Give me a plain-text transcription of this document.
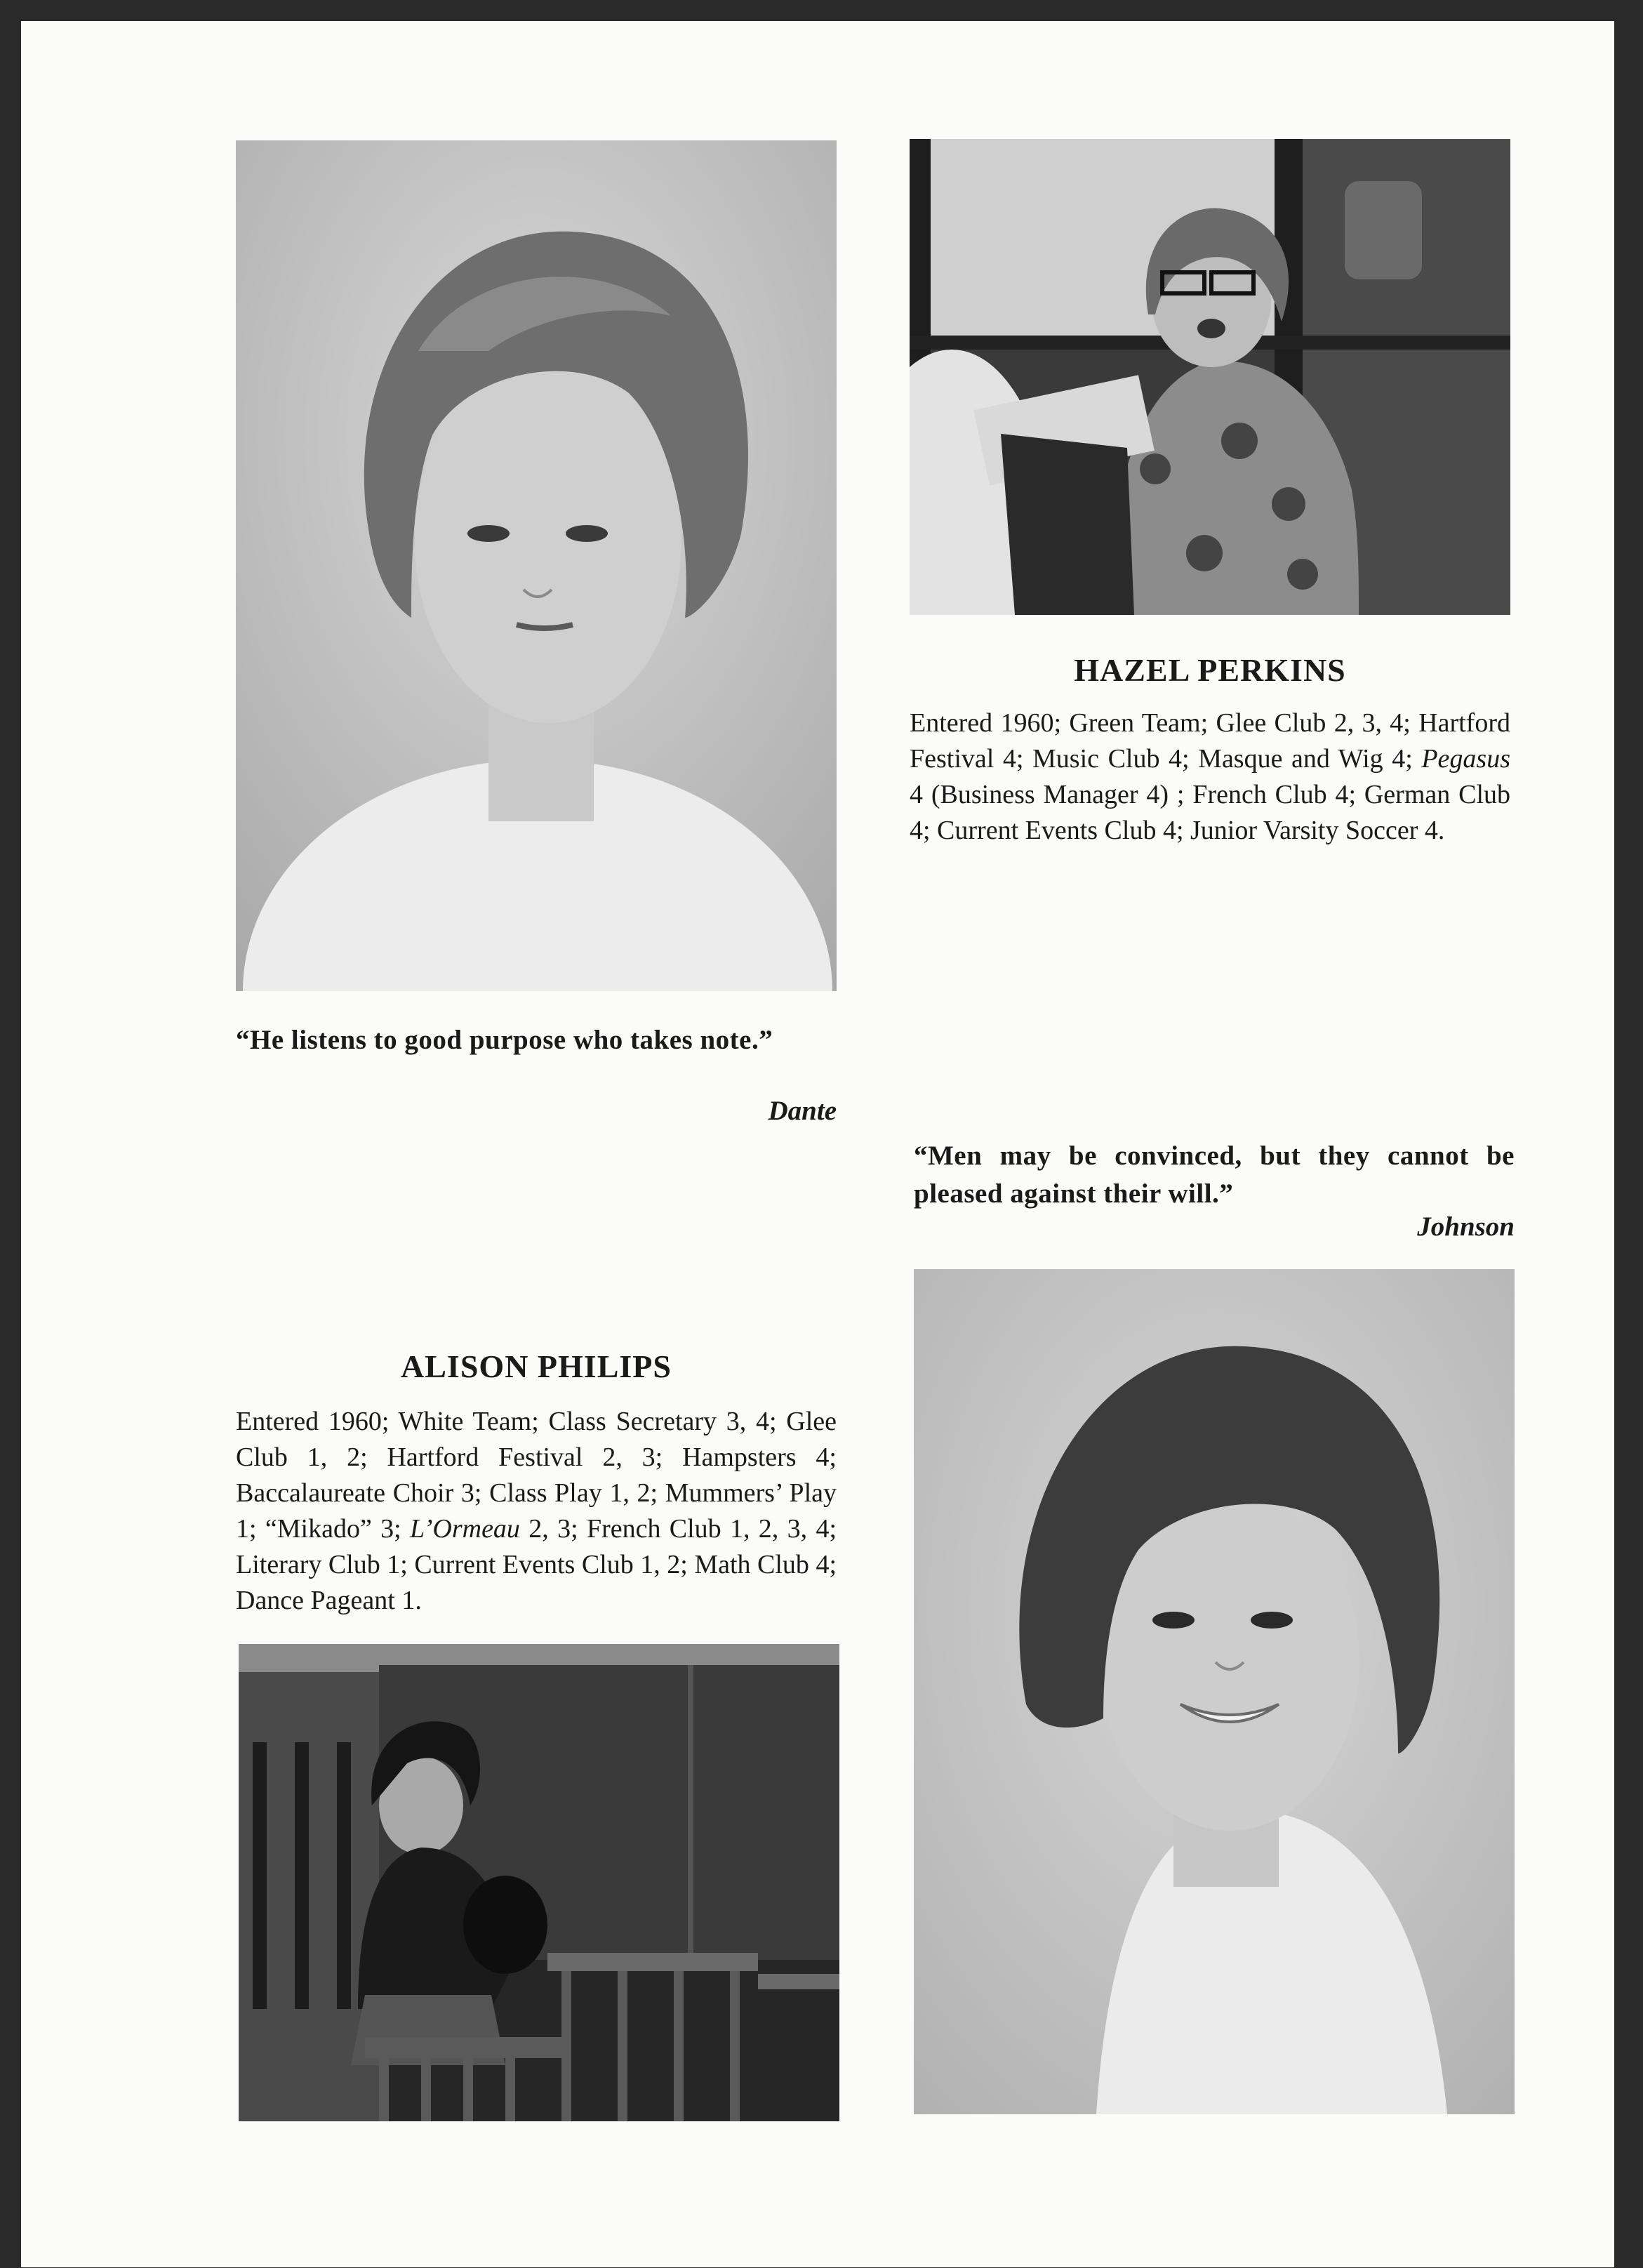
HAZEL PERKINS

Entered 1960; Green Team; Glee Club 2, 3, 4; Hartford Festival 4; Music Club 4; Masque and Wig 4; Pegasus 4 (Business Manager 4) ; French Club 4; German Club 4; Current Events Club 4; Junior Varsity Soccer 4.

“He listens to good purpose who takes note.”

Dante

“Men may be convinced, but they cannot be pleased against their will.”

Johnson

ALISON PHILIPS

Entered 1960; White Team; Class Secretary 3, 4; Glee Club 1, 2; Hartford Festival 2, 3; Hampsters 4; Baccalaureate Choir 3; Class Play 1, 2; Mummers’ Play 1; “Mikado” 3; L’Ormeau 2, 3; French Club 1, 2, 3, 4; Literary Club 1; Current Events Club 1, 2; Math Club 4; Dance Pageant 1.
